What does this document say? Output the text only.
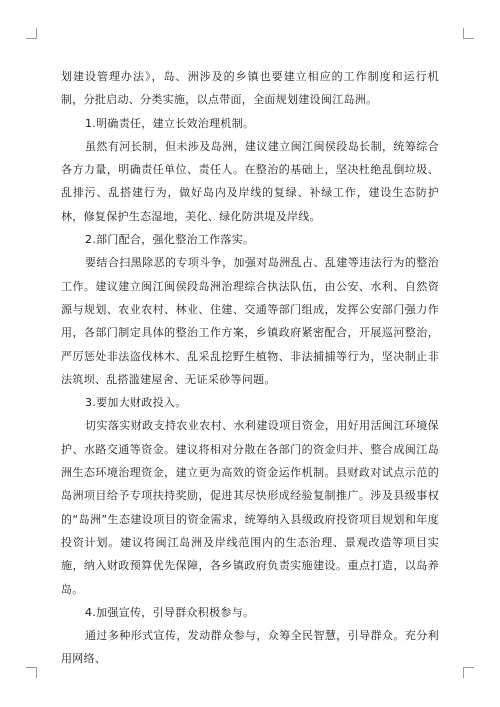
划建设管理办法》，岛、洲涉及的乡镇也要建立相应的工作制度和运行机制，分批启动、分类实施，以点带面，全面规划建设闽江岛洲。

1.明确责任，建立长效治理机制。

虽然有河长制，但未涉及岛洲，建议建立闽江闽侯段岛长制，统筹综合各方力量，明确责任单位、责任人。在整治的基础上，坚决杜绝乱倒垃圾、乱排污、乱搭建行为，做好岛内及岸线的复绿、补绿工作，建设生态防护林，修复保护生态湿地，美化、绿化防洪堤及岸线。

2.部门配合，强化整治工作落实。

要结合扫黑除恶的专项斗争，加强对岛洲乱占、乱建等违法行为的整治工作。建议建立闽江闽侯段岛洲治理综合执法队伍，由公安、水利、自然资源与规划、农业农村、林业、住建、交通等部门组成，发挥公安部门强力作用，各部门制定具体的整治工作方案，乡镇政府紧密配合，开展巡河整治，严厉惩处非法盗伐林木、乱采乱挖野生植物、非法捕捕等行为，坚决制止非法筑坝、乱搭滥建屋舍、无证采砂等问题。

3.要加大财政投入。

切实落实财政支持农业农村、水利建设项目资金，用好用活闽江环境保护、水路交通等资金。建议将相对分散在各部门的资金归并、整合成闽江岛洲生态环境治理资金，建立更为高效的资金运作机制。县财政对试点示范的岛洲项目给予专项扶持奖励，促进其尽快形成经验复制推广。涉及县级事权的“岛洲”生态建设项目的资金需求，统筹纳入县级政府投资项目规划和年度投资计划。建议将闽江岛洲及岸线范围内的生态治理、景观改造等项目实施，纳入财政预算优先保障，各乡镇政府负责实施建设。重点打造，以岛养岛。

4.加强宣传，引导群众积极参与。

通过多种形式宣传，发动群众参与，众筹全民智慧，引导群众。充分利用网络、
